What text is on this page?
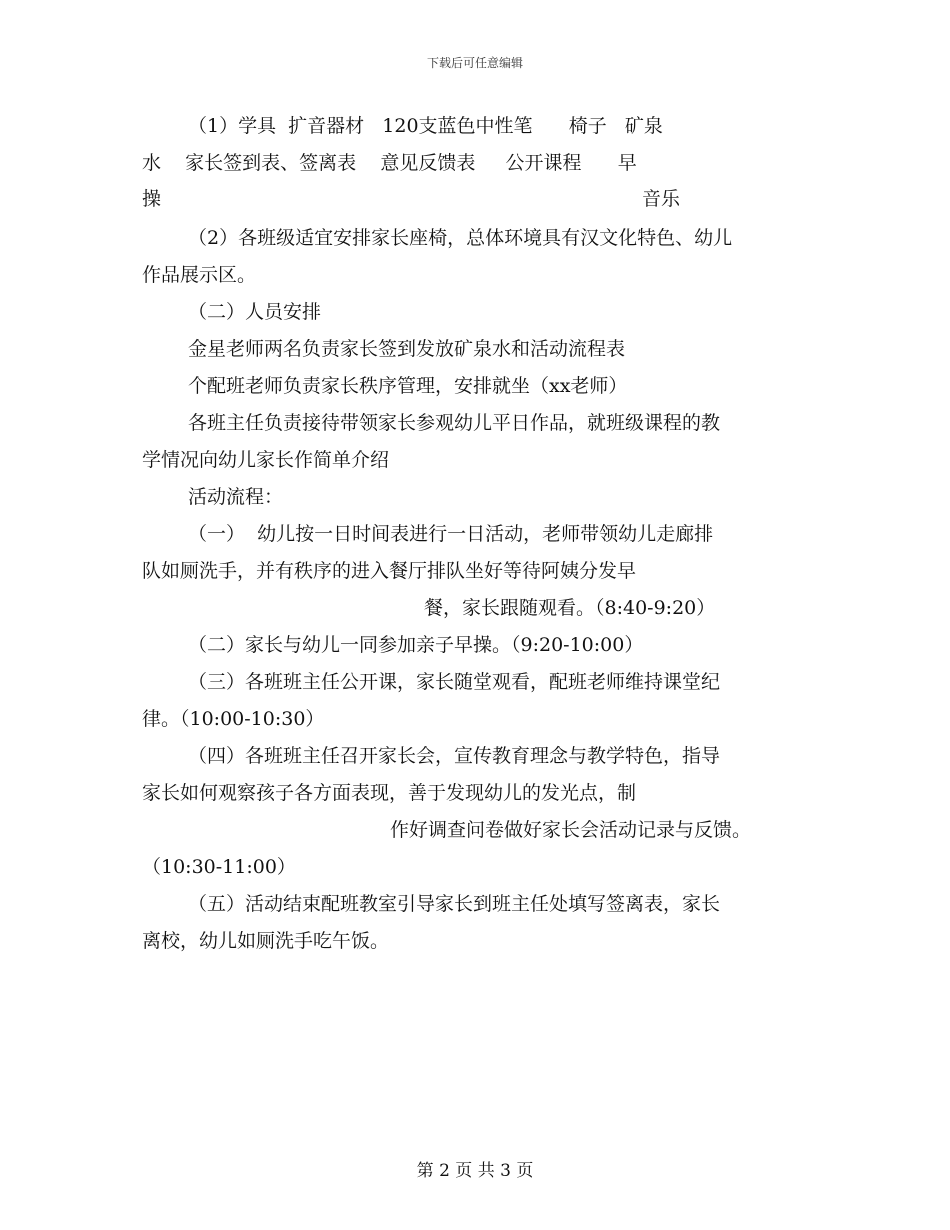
下载后可任意编辑
（1）学具  扩音器材   120支蓝色中性笔      椅子   矿泉
水    家长签到表、签离表    意见反馈表     公开课程      早
操	音乐
（2）各班级适宜安排家长座椅，总体环境具有汉文化特色、幼儿
作品展示区。
（二）人员安排
金星老师两名负责家长签到发放矿泉水和活动流程表
个配班老师负责家长秩序管理，安排就坐（xx老师）
各班主任负责接待带领家长参观幼儿平日作品，就班级课程的教
学情况向幼儿家长作简单介绍
活动流程：
（一）  幼儿按一日时间表进行一日活动，老师带领幼儿走廊排
队如厕洗手，并有秩序的进入餐厅排队坐好等待阿姨分发早
餐，家长跟随观看。（8:40-9:20）
（二）家长与幼儿一同参加亲子早操。（9:20-10:00）
（三）各班班主任公开课，家长随堂观看，配班老师维持课堂纪
律。（10:00-10:30）
（四）各班班主任召开家长会，宣传教育理念与教学特色，指导
家长如何观察孩子各方面表现，善于发现幼儿的发光点，制
作好调查问卷做好家长会活动记录与反馈。
（10:30-11:00）
（五）活动结束配班教室引导家长到班主任处填写签离表，家长
离校，幼儿如厕洗手吃午饭。
第 2 页 共 3 页
